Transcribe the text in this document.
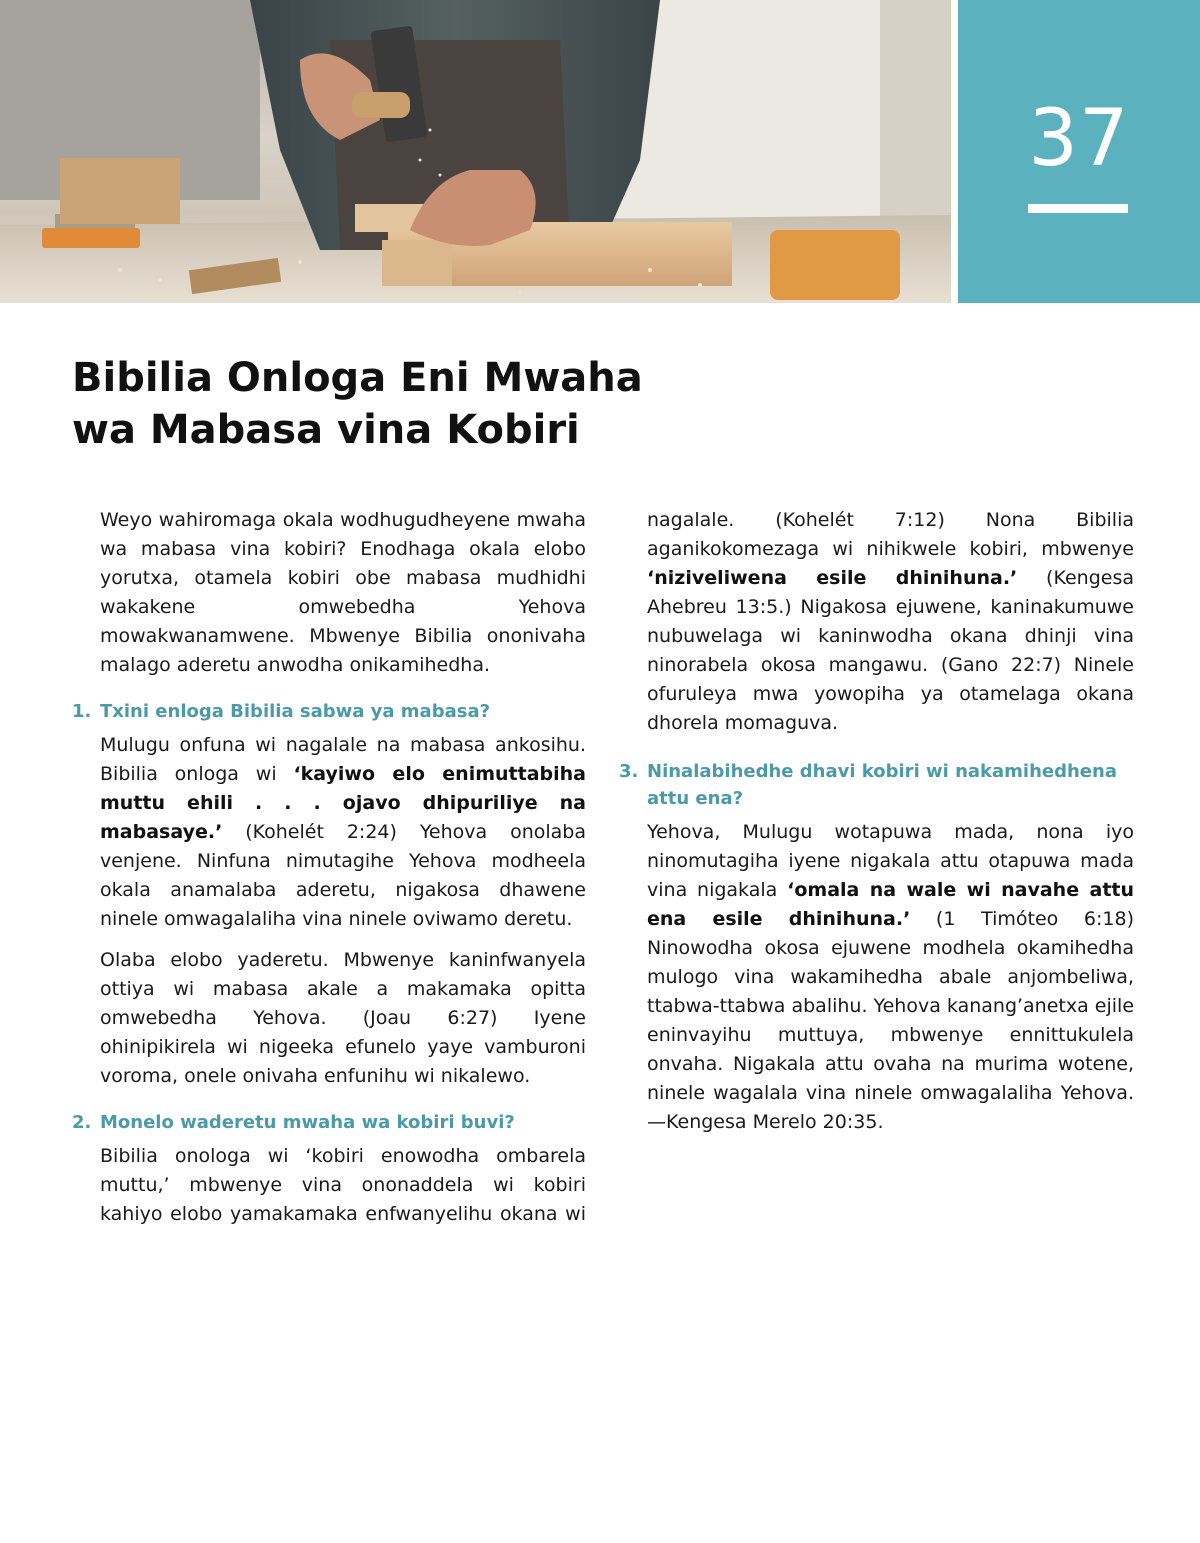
37
Bibilia Onloga Eni Mwaha
wa Mabasa vina Kobiri

Weyo wahiromaga okala wodhugudheyene mwaha wa mabasa vina kobiri? Enodhaga okala elobo yorutxa, otamela kobiri obe mabasa mudhidhi wakakene omwebedha Yehova mowakwanamwene. Mbwenye Bibilia ononivaha malago aderetu anwodha onikamihedha.

1. Txini enloga Bibilia sabwa ya mabasa?

Mulugu onfuna wi nagalale na mabasa ankosihu. Bibilia onloga wi ‘kayiwo elo enimuttabiha muttu ehili . . . ojavo dhipuriliye na mabasaye.’ (Kohelét 2:24) Yehova onolaba venjene. Ninfuna nimutagihe Yehova modheela okala anamalaba aderetu, nigakosa dhawene ninele omwagalaliha vina ninele oviwamo deretu.

Olaba elobo yaderetu. Mbwenye kaninfwanyela ottiya wi mabasa akale a makamaka opitta omwebedha Yehova. (Joau 6:27) Iyene ohinipikirela wi nigeeka efunelo yaye vamburoni voroma, onele onivaha enfunihu wi nikalewo.

2. Monelo waderetu mwaha wa kobiri buvi?

Bibilia onologa wi ‘kobiri enowodha ombarela muttu,’ mbwenye vina ononaddela wi kobiri kahiyo elobo yamakamaka enfwanyelihu okana wi

nagalale. (Kohelét 7:12) Nona Bibilia aganikokomezaga wi nihikwele kobiri, mbwenye ‘niziveliwena esile dhinihuna.’ (Kengesa Ahebreu 13:5.) Nigakosa ejuwene, kaninakumuwe nubuwelaga wi kaninwodha okana dhinji vina ninorabela okosa mangawu. (Gano 22:7) Ninele ofuruleya mwa yowopiha ya otamelaga okana dhorela momaguva.

3. Ninalabihedhe dhavi kobiri wi nakamihedhena attu ena?

Yehova, Mulugu wotapuwa mada, nona iyo ninomutagiha iyene nigakala attu otapuwa mada vina nigakala ‘omala na wale wi navahe attu ena esile dhinihuna.’ (1 Timóteo 6:18) Ninowodha okosa ejuwene modhela okamihedha mulogo vina wakamihedha abale anjombeliwa, ttabwa-ttabwa abalihu. Yehova kanang’anetxa ejile eninvayihu muttuya, mbwenye ennittukulela onvaha. Nigakala attu ovaha na murima wotene, ninele wagalala vina ninele omwagalaliha Yehova.—Kengesa Merelo 20:35.
